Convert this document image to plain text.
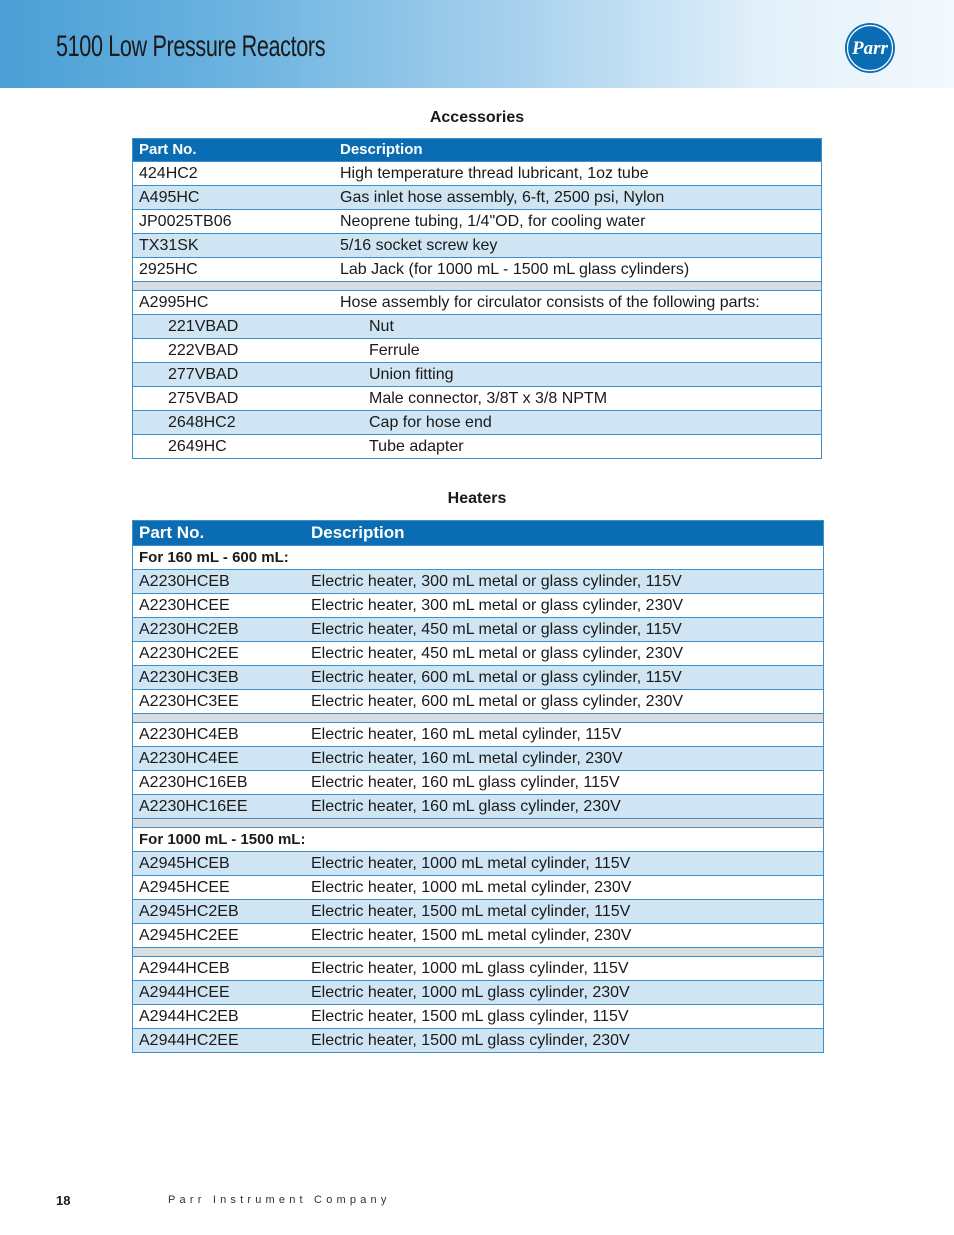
5100 Low Pressure Reactors	Parr
Accessories
Part No.	Description
424HC2	High temperature thread lubricant, 1oz tube
A495HC	Gas inlet hose assembly, 6-ft, 2500 psi, Nylon
JP0025TB06	Neoprene tubing, 1/4"OD, for cooling water
TX31SK	5/16 socket screw key
2925HC	Lab Jack (for 1000 mL - 1500 mL glass cylinders)

A2995HC	Hose assembly for circulator consists of the following parts:
221VBAD	Nut
222VBAD	Ferrule
277VBAD	Union fitting
275VBAD	Male connector, 3/8T x 3/8 NPTM
2648HC2	Cap for hose end
2649HC	Tube adapter
Heaters
Part No.	Description
For 160 mL - 600 mL:	
A2230HCEB	Electric heater, 300 mL metal or glass cylinder, 115V
A2230HCEE	Electric heater, 300 mL metal or glass cylinder, 230V
A2230HC2EB	Electric heater, 450 mL metal or glass cylinder, 115V
A2230HC2EE	Electric heater, 450 mL metal or glass cylinder, 230V
A2230HC3EB	Electric heater, 600 mL metal or glass cylinder, 115V
A2230HC3EE	Electric heater, 600 mL metal or glass cylinder, 230V

A2230HC4EB	Electric heater, 160 mL metal cylinder, 115V
A2230HC4EE	Electric heater, 160 mL metal cylinder, 230V
A2230HC16EB	Electric heater, 160 mL glass cylinder, 115V
A2230HC16EE	Electric heater, 160 mL glass cylinder, 230V

For 1000 mL - 1500 mL:	
A2945HCEB	Electric heater, 1000 mL metal cylinder, 115V
A2945HCEE	Electric heater, 1000 mL metal cylinder, 230V
A2945HC2EB	Electric heater, 1500 mL metal cylinder, 115V
A2945HC2EE	Electric heater, 1500 mL metal cylinder, 230V

A2944HCEB	Electric heater, 1000 mL glass cylinder, 115V
A2944HCEE	Electric heater, 1000 mL glass cylinder, 230V
A2944HC2EB	Electric heater, 1500 mL glass cylinder, 115V
A2944HC2EE	Electric heater, 1500 mL glass cylinder, 230V
18	Parr Instrument Company
